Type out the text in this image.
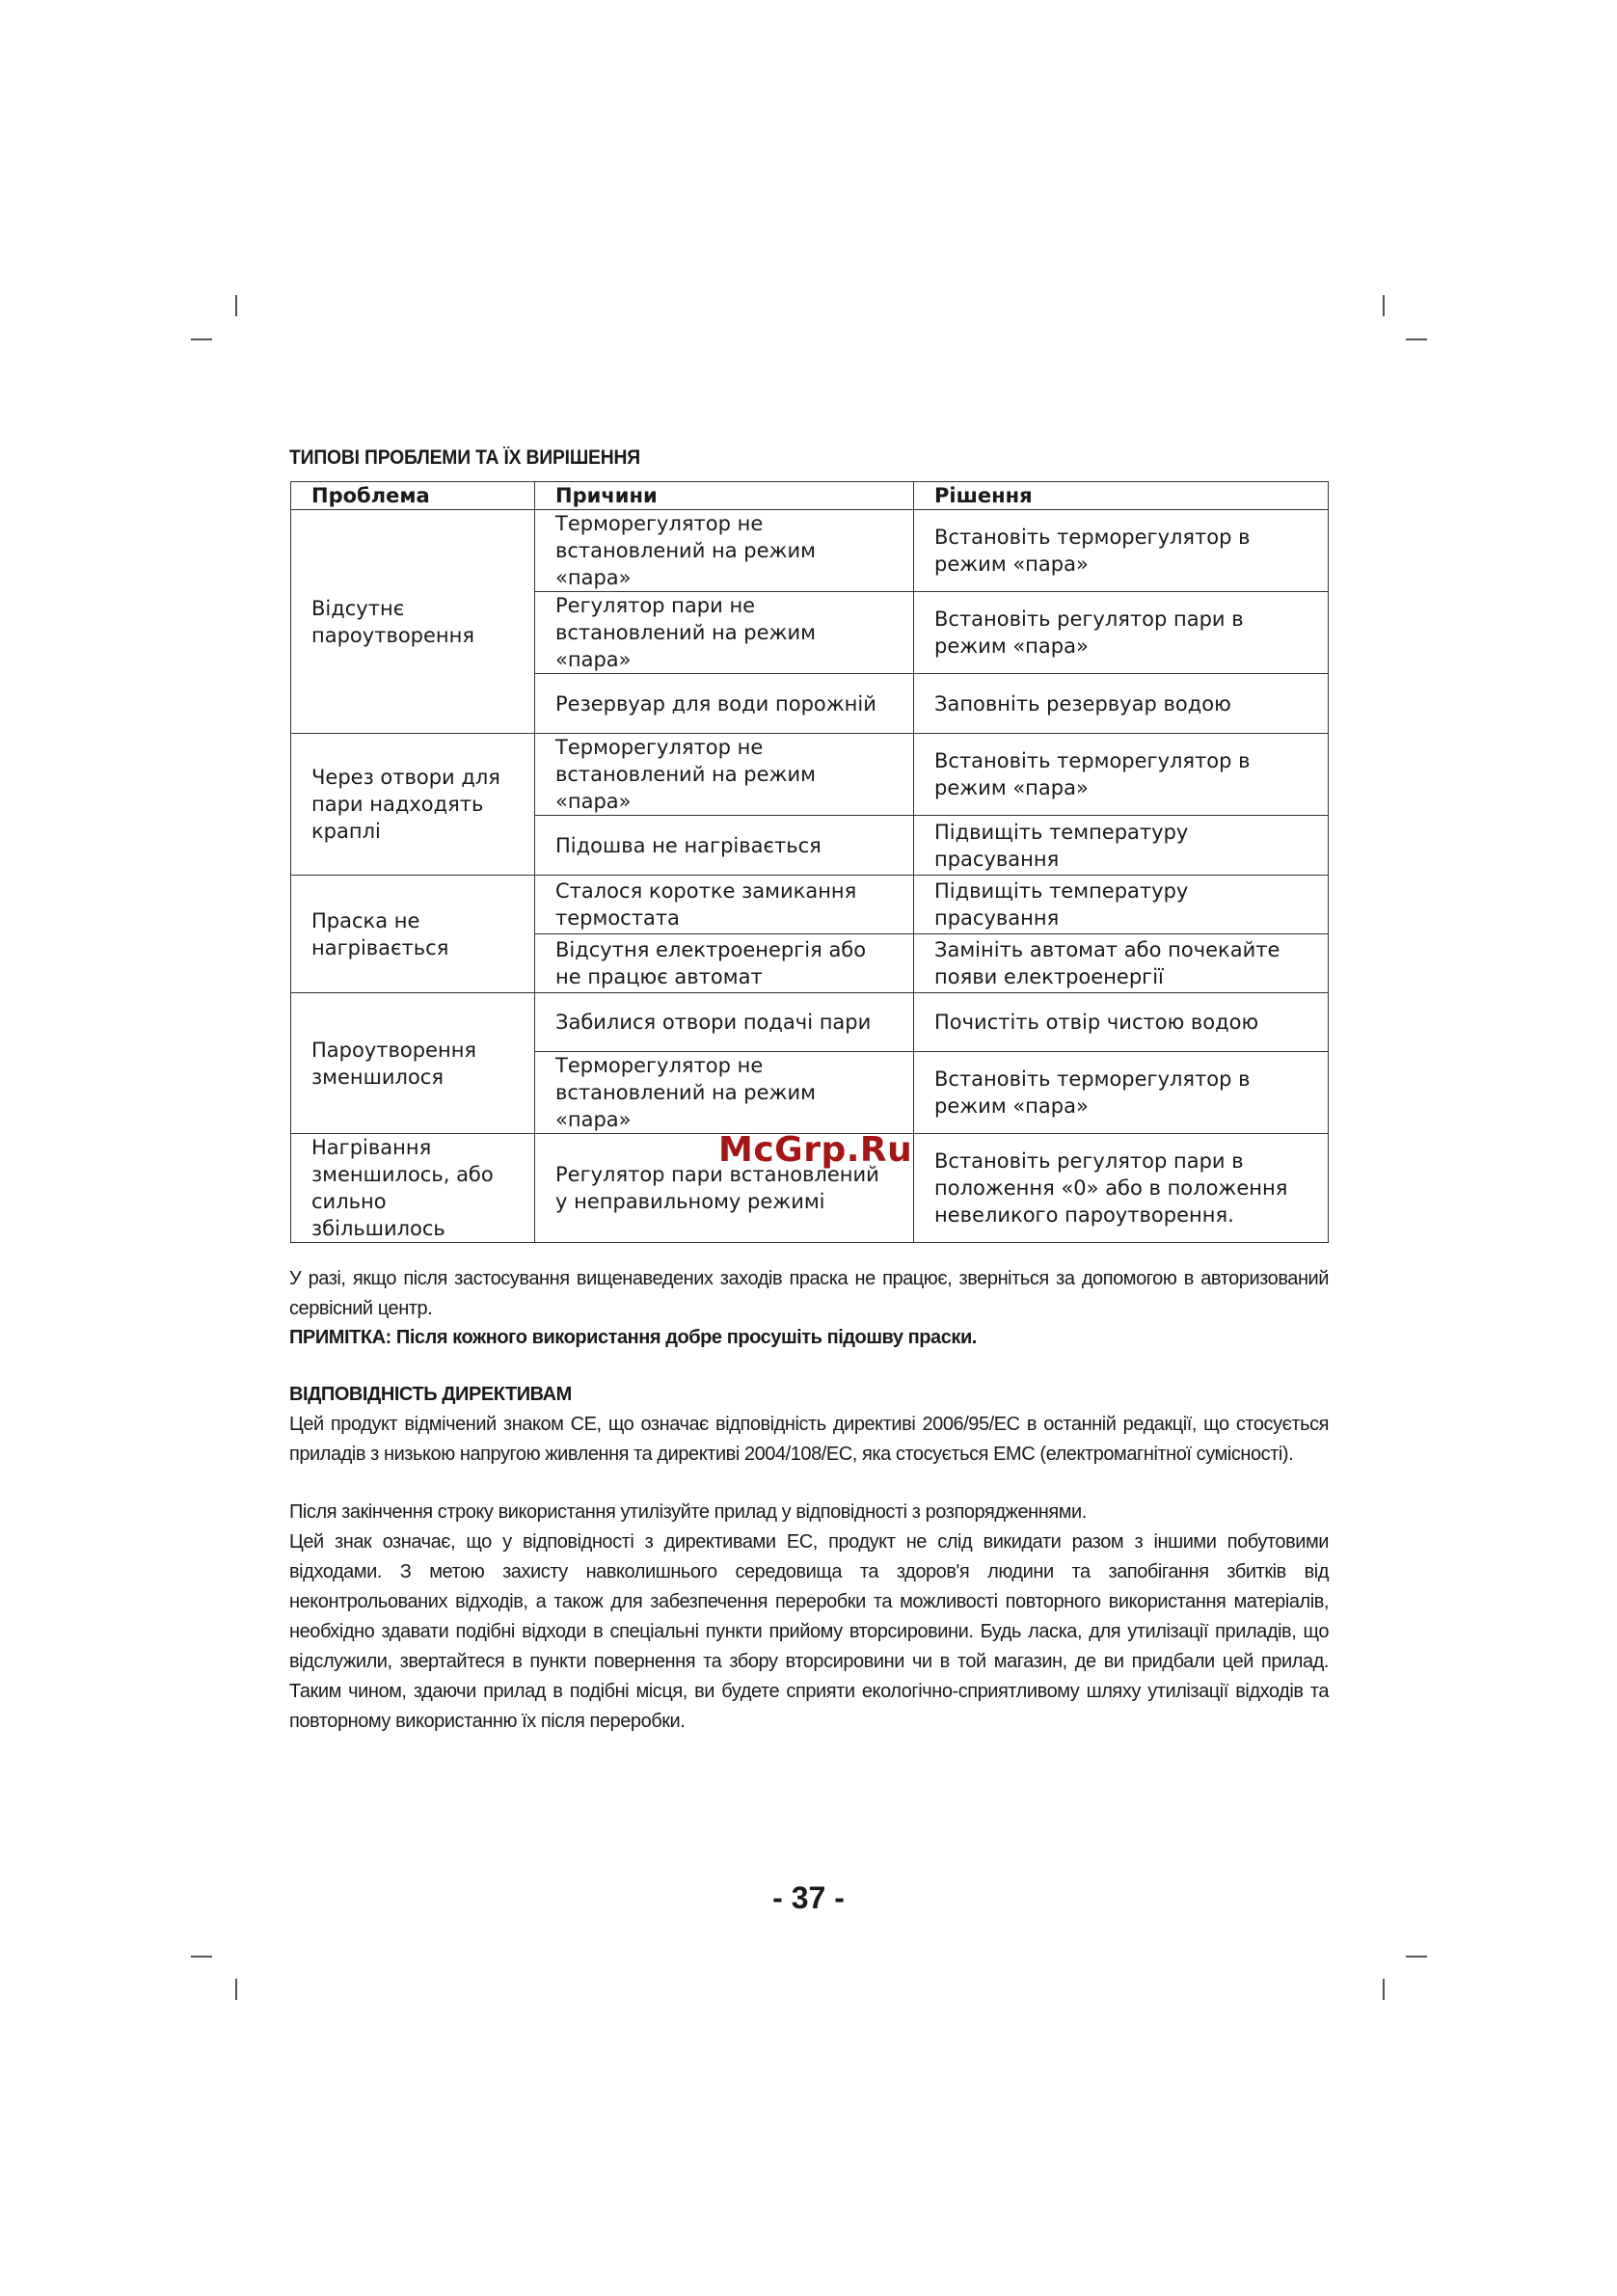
ТИПОВІ ПРОБЛЕМИ ТА ЇХ ВИРІШЕННЯ
Проблема	Причини	Рішення
Відсутнє пароутворення	Терморегулятор не встановлений на режим «пара»	Встановіть терморегулятор в режим «пара»
	Регулятор пари не встановлений на режим «пара»	Встановіть регулятор пари в режим «пара»
	Резервуар для води порожній	Заповніть резервуар водою
Через отвори для пари надходять краплі	Терморегулятор не встановлений на режим «пара»	Встановіть терморегулятор в режим «пара»
	Підошва не нагрівається	Підвищіть температуру прасування
Праска не нагрівається	Сталося коротке замикання термостата	Підвищіть температуру прасування
	Відсутня електроенергія або не працює автомат	Замініть автомат або почекайте появи електроенергії
Пароутворення зменшилося	Забилися отвори подачі пари	Почистіть отвір чистою водою
	Терморегулятор не встановлений на режим «пара»	Встановіть терморегулятор в режим «пара»
Нагрівання зменшилось, або сильно збільшилось	Регулятор пари встановлений у неправильному режимі	Встановіть регулятор пари в положення «0» або в положення невеликого пароутворення.
McGrp.Ru
У разі, якщо після застосування вищенаведених заходів праска не працює, зверніться за допомогою в авторизований сервісний центр.
ПРИМІТКА: Після кожного використання добре просушіть підошву праски.
ВІДПОВІДНІСТЬ ДИРЕКТИВАМ
Цей продукт відмічений знаком CE, що означає відповідність директиві 2006/95/EC в останній редакції, що стосується приладів з низькою напругою живлення та директиві 2004/108/EC, яка стосується EMC (електромагнітної сумісності).
Після закінчення строку використання утилізуйте прилад у відповідності з розпорядженнями.
Цей знак означає, що у відповідності з директивами ЕС, продукт не слід викидати разом з іншими побутовими відходами. З метою захисту навколишнього середовища та здоров'я людини та запобігання збитків від неконтрольованих відходів, а також для забезпечення переробки та можливості повторного використання матеріалів, необхідно здавати подібні відходи в спеціальні пункти прийому вторсировини. Будь ласка, для утилізації приладів, що відслужили, звертайтеся в пункти повернення та збору вторсировини чи в той магазин, де ви придбали цей прилад. Таким чином, здаючи прилад в подібні місця, ви будете сприяти екологічно-сприятливому шляху утилізації відходів та повторному використанню їх після переробки.
- 37 -
